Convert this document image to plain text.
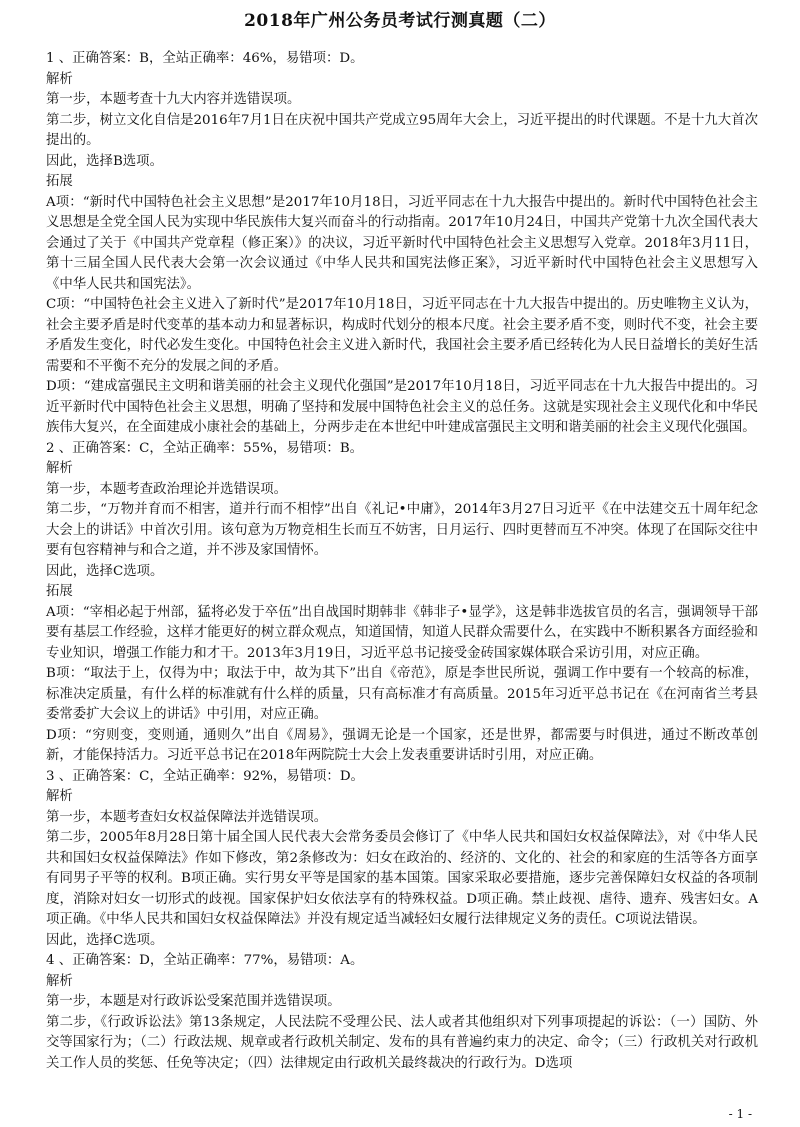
2018年广州公务员考试行测真题（二）

1 、正确答案：B，全站正确率：46%，易错项：D。

解析

第一步，本题考查十九大内容并选错误项。

第二步，树立文化自信是2016年7月1日在庆祝中国共产党成立95周年大会上，习近平提出的时代课题。不是十九大首次提出的。

因此，选择B选项。

拓展

A项：“新时代中国特色社会主义思想”是2017年10月18日，习近平同志在十九大报告中提出的。新时代中国特色社会主义思想是全党全国人民为实现中华民族伟大复兴而奋斗的行动指南。2017年10月24日，中国共产党第十九次全国代表大会通过了关于《中国共产党章程（修正案）》的决议，习近平新时代中国特色社会主义思想写入党章。2018年3月11日，第十三届全国人民代表大会第一次会议通过《中华人民共和国宪法修正案》，习近平新时代中国特色社会主义思想写入《中华人民共和国宪法》。

C项：“中国特色社会主义进入了新时代”是2017年10月18日，习近平同志在十九大报告中提出的。历史唯物主义认为，社会主要矛盾是时代变革的基本动力和显著标识，构成时代划分的根本尺度。社会主要矛盾不变，则时代不变，社会主要矛盾发生变化，时代必发生变化。中国特色社会主义进入新时代，我国社会主要矛盾已经转化为人民日益增长的美好生活需要和不平衡不充分的发展之间的矛盾。

D项：“建成富强民主文明和谐美丽的社会主义现代化强国”是2017年10月18日，习近平同志在十九大报告中提出的。习近平新时代中国特色社会主义思想，明确了坚持和发展中国特色社会主义的总任务。这就是实现社会主义现代化和中华民族伟大复兴，在全面建成小康社会的基础上，分两步走在本世纪中叶建成富强民主文明和谐美丽的社会主义现代化强国。

2 、正确答案：C，全站正确率：55%，易错项：B。

解析

第一步，本题考查政治理论并选错误项。

第二步，“万物并育而不相害，道并行而不相悖”出自《礼记•中庸》，2014年3月27日习近平《在中法建交五十周年纪念大会上的讲话》中首次引用。该句意为万物竞相生长而互不妨害，日月运行、四时更替而互不冲突。体现了在国际交往中要有包容精神与和合之道，并不涉及家国情怀。

因此，选择C选项。

拓展

A项：“宰相必起于州部，猛将必发于卒伍”出自战国时期韩非《韩非子•显学》，这是韩非选拔官员的名言，强调领导干部要有基层工作经验，这样才能更好的树立群众观点，知道国情，知道人民群众需要什么，在实践中不断积累各方面经验和专业知识，增强工作能力和才干。2013年3月19日，习近平总书记接受金砖国家媒体联合采访引用，对应正确。

B项：“取法于上，仅得为中；取法于中，故为其下”出自《帝范》，原是李世民所说，强调工作中要有一个较高的标准，标准决定质量，有什么样的标准就有什么样的质量，只有高标准才有高质量。2015年习近平总书记在《在河南省兰考县委常委扩大会议上的讲话》中引用，对应正确。

D项：“穷则变，变则通，通则久”出自《周易》，强调无论是一个国家，还是世界，都需要与时俱进，通过不断改革创新，才能保持活力。习近平总书记在2018年两院院士大会上发表重要讲话时引用，对应正确。

3 、正确答案：C，全站正确率：92%，易错项：D。

解析

第一步，本题考查妇女权益保障法并选错误项。

第二步，2005年8月28日第十届全国人民代表大会常务委员会修订了《中华人民共和国妇女权益保障法》，对《中华人民共和国妇女权益保障法》作如下修改，第2条修改为：妇女在政治的、经济的、文化的、社会的和家庭的生活等各方面享有同男子平等的权利。B项正确。实行男女平等是国家的基本国策。国家采取必要措施，逐步完善保障妇女权益的各项制度，消除对妇女一切形式的歧视。国家保护妇女依法享有的特殊权益。D项正确。禁止歧视、虐待、遗弃、残害妇女。A项正确。《中华人民共和国妇女权益保障法》并没有规定适当减轻妇女履行法律规定义务的责任。C项说法错误。

因此，选择C选项。

4 、正确答案：D，全站正确率：77%，易错项：A。

解析

第一步，本题是对行政诉讼受案范围并选错误项。

第二步，《行政诉讼法》第13条规定，人民法院不受理公民、法人或者其他组织对下列事项提起的诉讼：（一）国防、外交等国家行为；（二）行政法规、规章或者行政机关制定、发布的具有普遍约束力的决定、命令；（三）行政机关对行政机关工作人员的奖惩、任免等决定；（四）法律规定由行政机关最终裁决的行政行为。D选项

- 1 -
